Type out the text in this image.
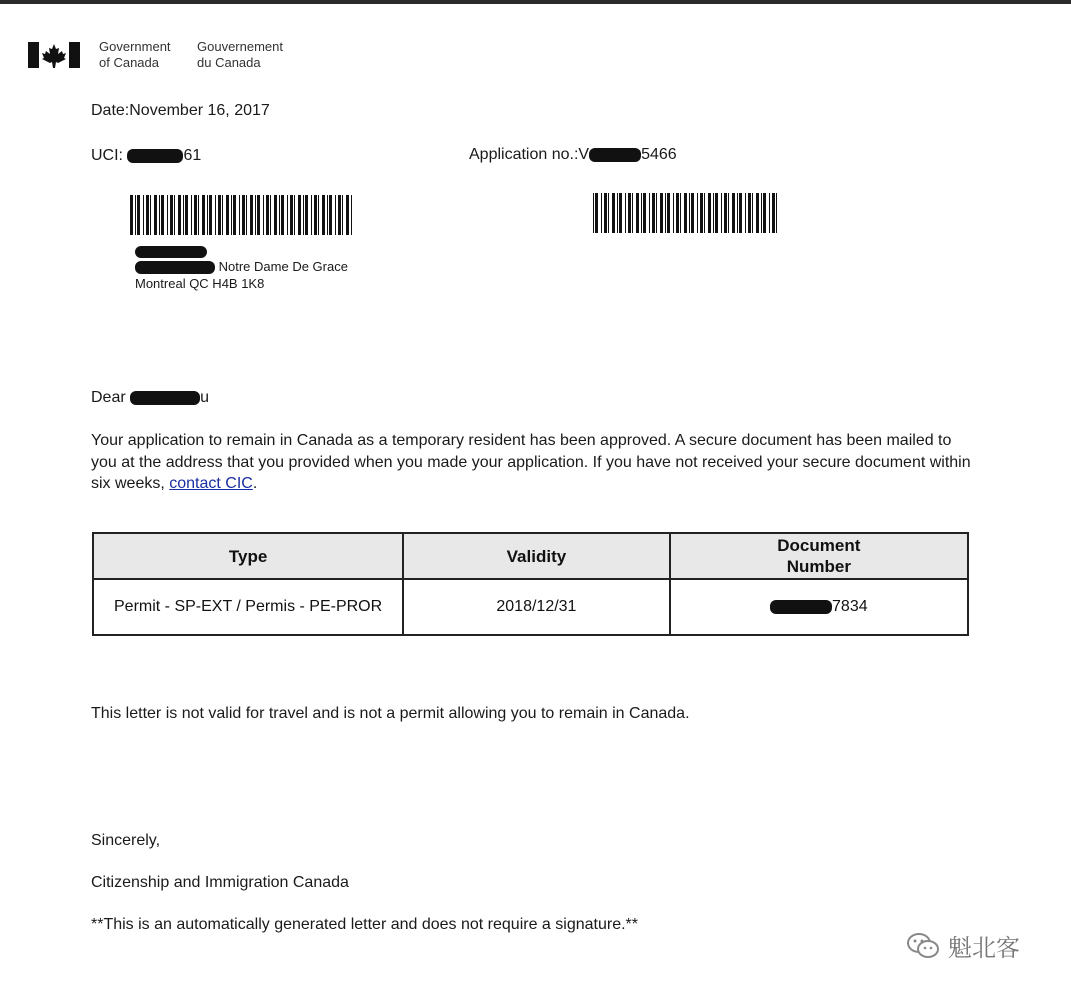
Government
of Canada
Gouvernement
du Canada
Date:November 16, 2017
UCI:	61	Application no.:V	5466
Notre Dame De Grace
Montreal QC H4B 1K8
Dear	u
Your application to remain in Canada as a temporary resident has been approved. A secure document has been mailed to you at the address that you provided when you made your application. If you have not received your secure document within six weeks, contact CIC.
Type	Validity	Document
Number
Permit - SP-EXT / Permis - PE-PROR	2018/12/31	7834
This letter is not valid for travel and is not a permit allowing you to remain in Canada.
Sincerely,
Citizenship and Immigration Canada
**This is an automatically generated letter and does not require a signature.**
魁北客
